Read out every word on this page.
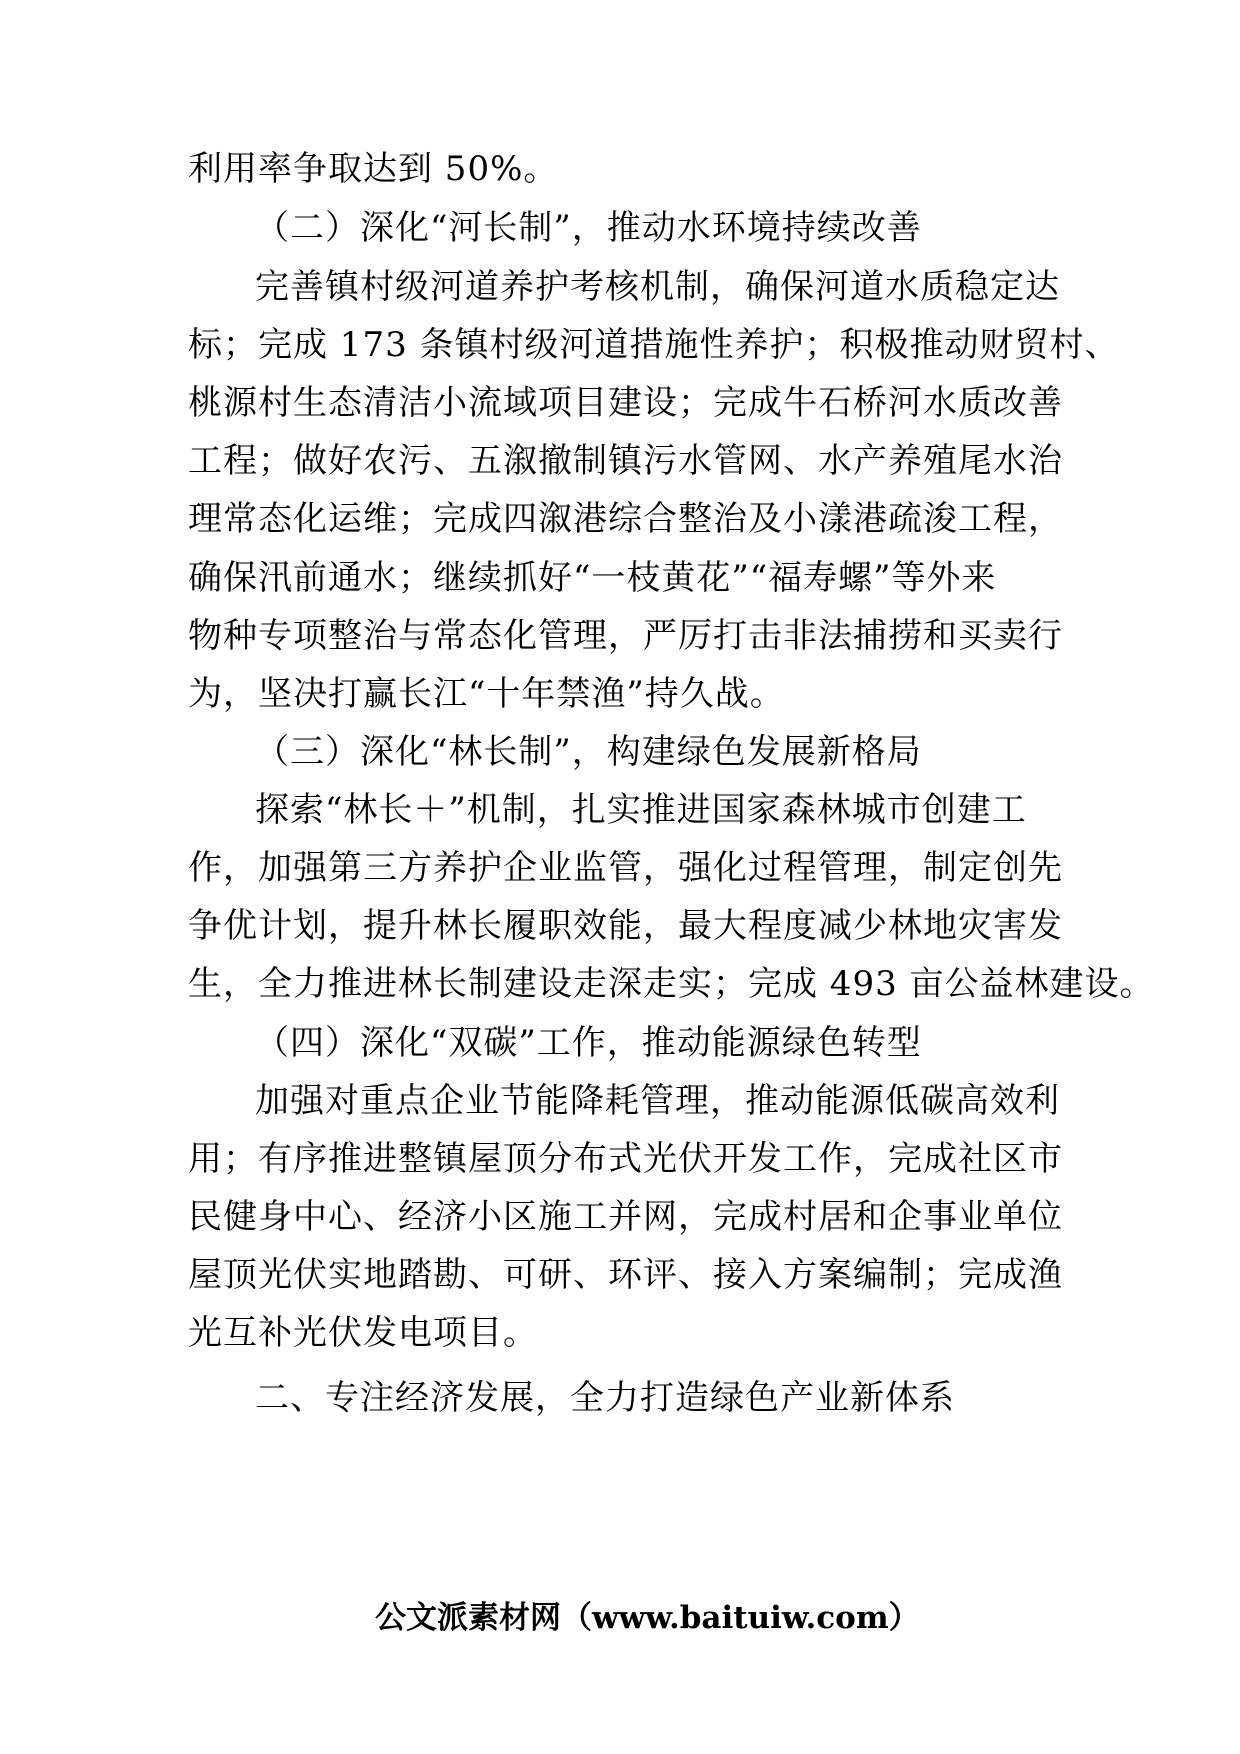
利用率争取达到 50%。
（二）深化“河长制”，推动水环境持续改善
完善镇村级河道养护考核机制，确保河道水质稳定达
标；完成 173 条镇村级河道措施性养护；积极推动财贸村、
桃源村生态清洁小流域项目建设；完成牛石桥河水质改善
工程；做好农污、五溆撤制镇污水管网、水产养殖尾水治
理常态化运维；完成四溆港综合整治及小漾港疏浚工程，
确保汛前通水；继续抓好“一枝黄花”“福寿螺”等外来
物种专项整治与常态化管理，严厉打击非法捕捞和买卖行
为，坚决打赢长江“十年禁渔”持久战。
（三）深化“林长制”，构建绿色发展新格局
探索“林长＋”机制，扎实推进国家森林城市创建工
作，加强第三方养护企业监管，强化过程管理，制定创先
争优计划，提升林长履职效能，最大程度减少林地灾害发
生，全力推进林长制建设走深走实；完成 493 亩公益林建设。
（四）深化“双碳”工作，推动能源绿色转型
加强对重点企业节能降耗管理，推动能源低碳高效利
用；有序推进整镇屋顶分布式光伏开发工作，完成社区市
民健身中心、经济小区施工并网，完成村居和企事业单位
屋顶光伏实地踏勘、可研、环评、接入方案编制；完成渔
光互补光伏发电项目。
二、专注经济发展，全力打造绿色产业新体系
公文派素材网（www.baituiw.com）
